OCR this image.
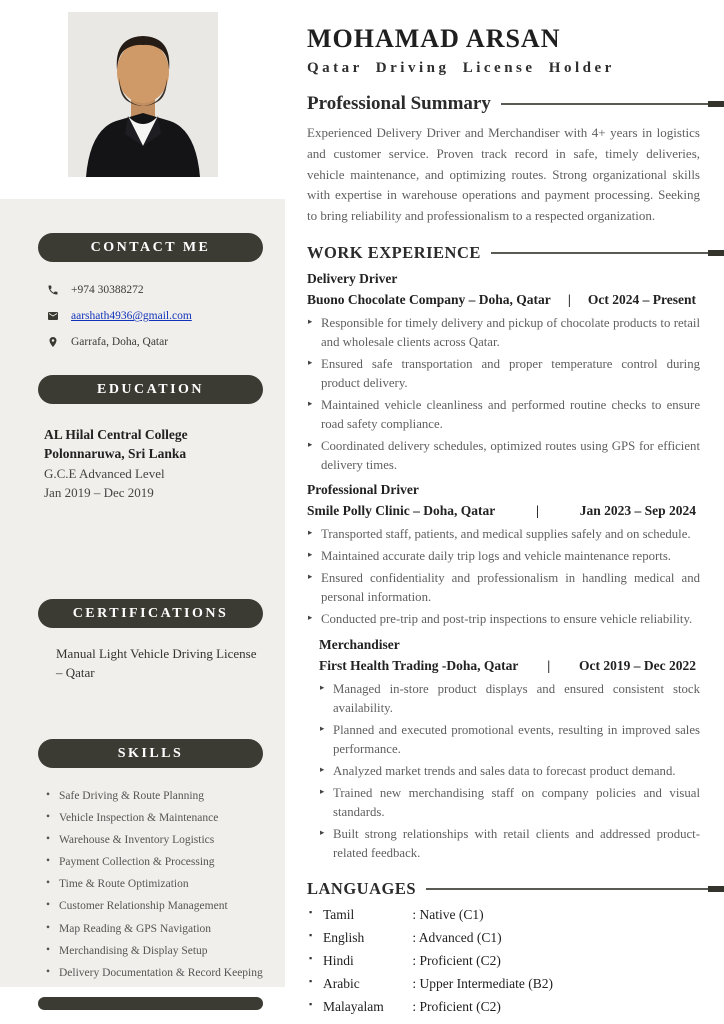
CONTACT ME
+974 30388272
aarshath4936@gmail.com
Garrafa, Doha, Qatar
EDUCATION
AL Hilal Central College
Polonnaruwa, Sri Lanka
G.C.E Advanced Level
Jan 2019 – Dec 2019
CERTIFICATIONS
Manual Light Vehicle Driving License – Qatar
SKILLS
• Safe Driving & Route Planning
• Vehicle Inspection & Maintenance
• Warehouse & Inventory Logistics
• Payment Collection & Processing
• Time & Route Optimization
• Customer Relationship Management
• Map Reading & GPS Navigation
• Merchandising & Display Setup
• Delivery Documentation & Record Keeping
MOHAMAD ARSAN
Qatar Driving License Holder
Professional Summary

Experienced Delivery Driver and Merchandiser with 4+ years in logistics and customer service. Proven track record in safe, timely deliveries, vehicle maintenance, and optimizing routes. Strong organizational skills with expertise in warehouse operations and payment processing. Seeking to bring reliability and professionalism to a respected organization.

WORK EXPERIENCE
Delivery Driver
Buono Chocolate Company – Doha, Qatar | Oct 2024 – Present
▸ Responsible for timely delivery and pickup of chocolate products to retail and wholesale clients across Qatar.
▸ Ensured safe transportation and proper temperature control during product delivery.
▸ Maintained vehicle cleanliness and performed routine checks to ensure road safety compliance.
▸ Coordinated delivery schedules, optimized routes using GPS for efficient delivery times.
Professional Driver
Smile Polly Clinic – Doha, Qatar	|	Jan 2023 – Sep 2024
▸ Transported staff, patients, and medical supplies safely and on schedule.
▸ Maintained accurate daily trip logs and vehicle maintenance reports.
▸ Ensured confidentiality and professionalism in handling medical and personal information.
▸ Conducted pre-trip and post-trip inspections to ensure vehicle reliability.
Merchandiser
First Health Trading -Doha, Qatar | Oct 2019 – Dec 2022
▸ Managed in-store product displays and ensured consistent stock availability.
▸ Planned and executed promotional events, resulting in improved sales performance.
▸ Analyzed market trends and sales data to forecast product demand.
▸ Trained new merchandising staff on company policies and visual standards.
▸ Built strong relationships with retail clients and addressed product-related feedback.
LANGUAGES
▪ Tamil	: Native (C1)
▪ English	: Advanced (C1)
▪ Hindi	: Proficient (C2)
▪ Arabic	: Upper Intermediate (B2)
▪ Malayalam : Proficient (C2)
